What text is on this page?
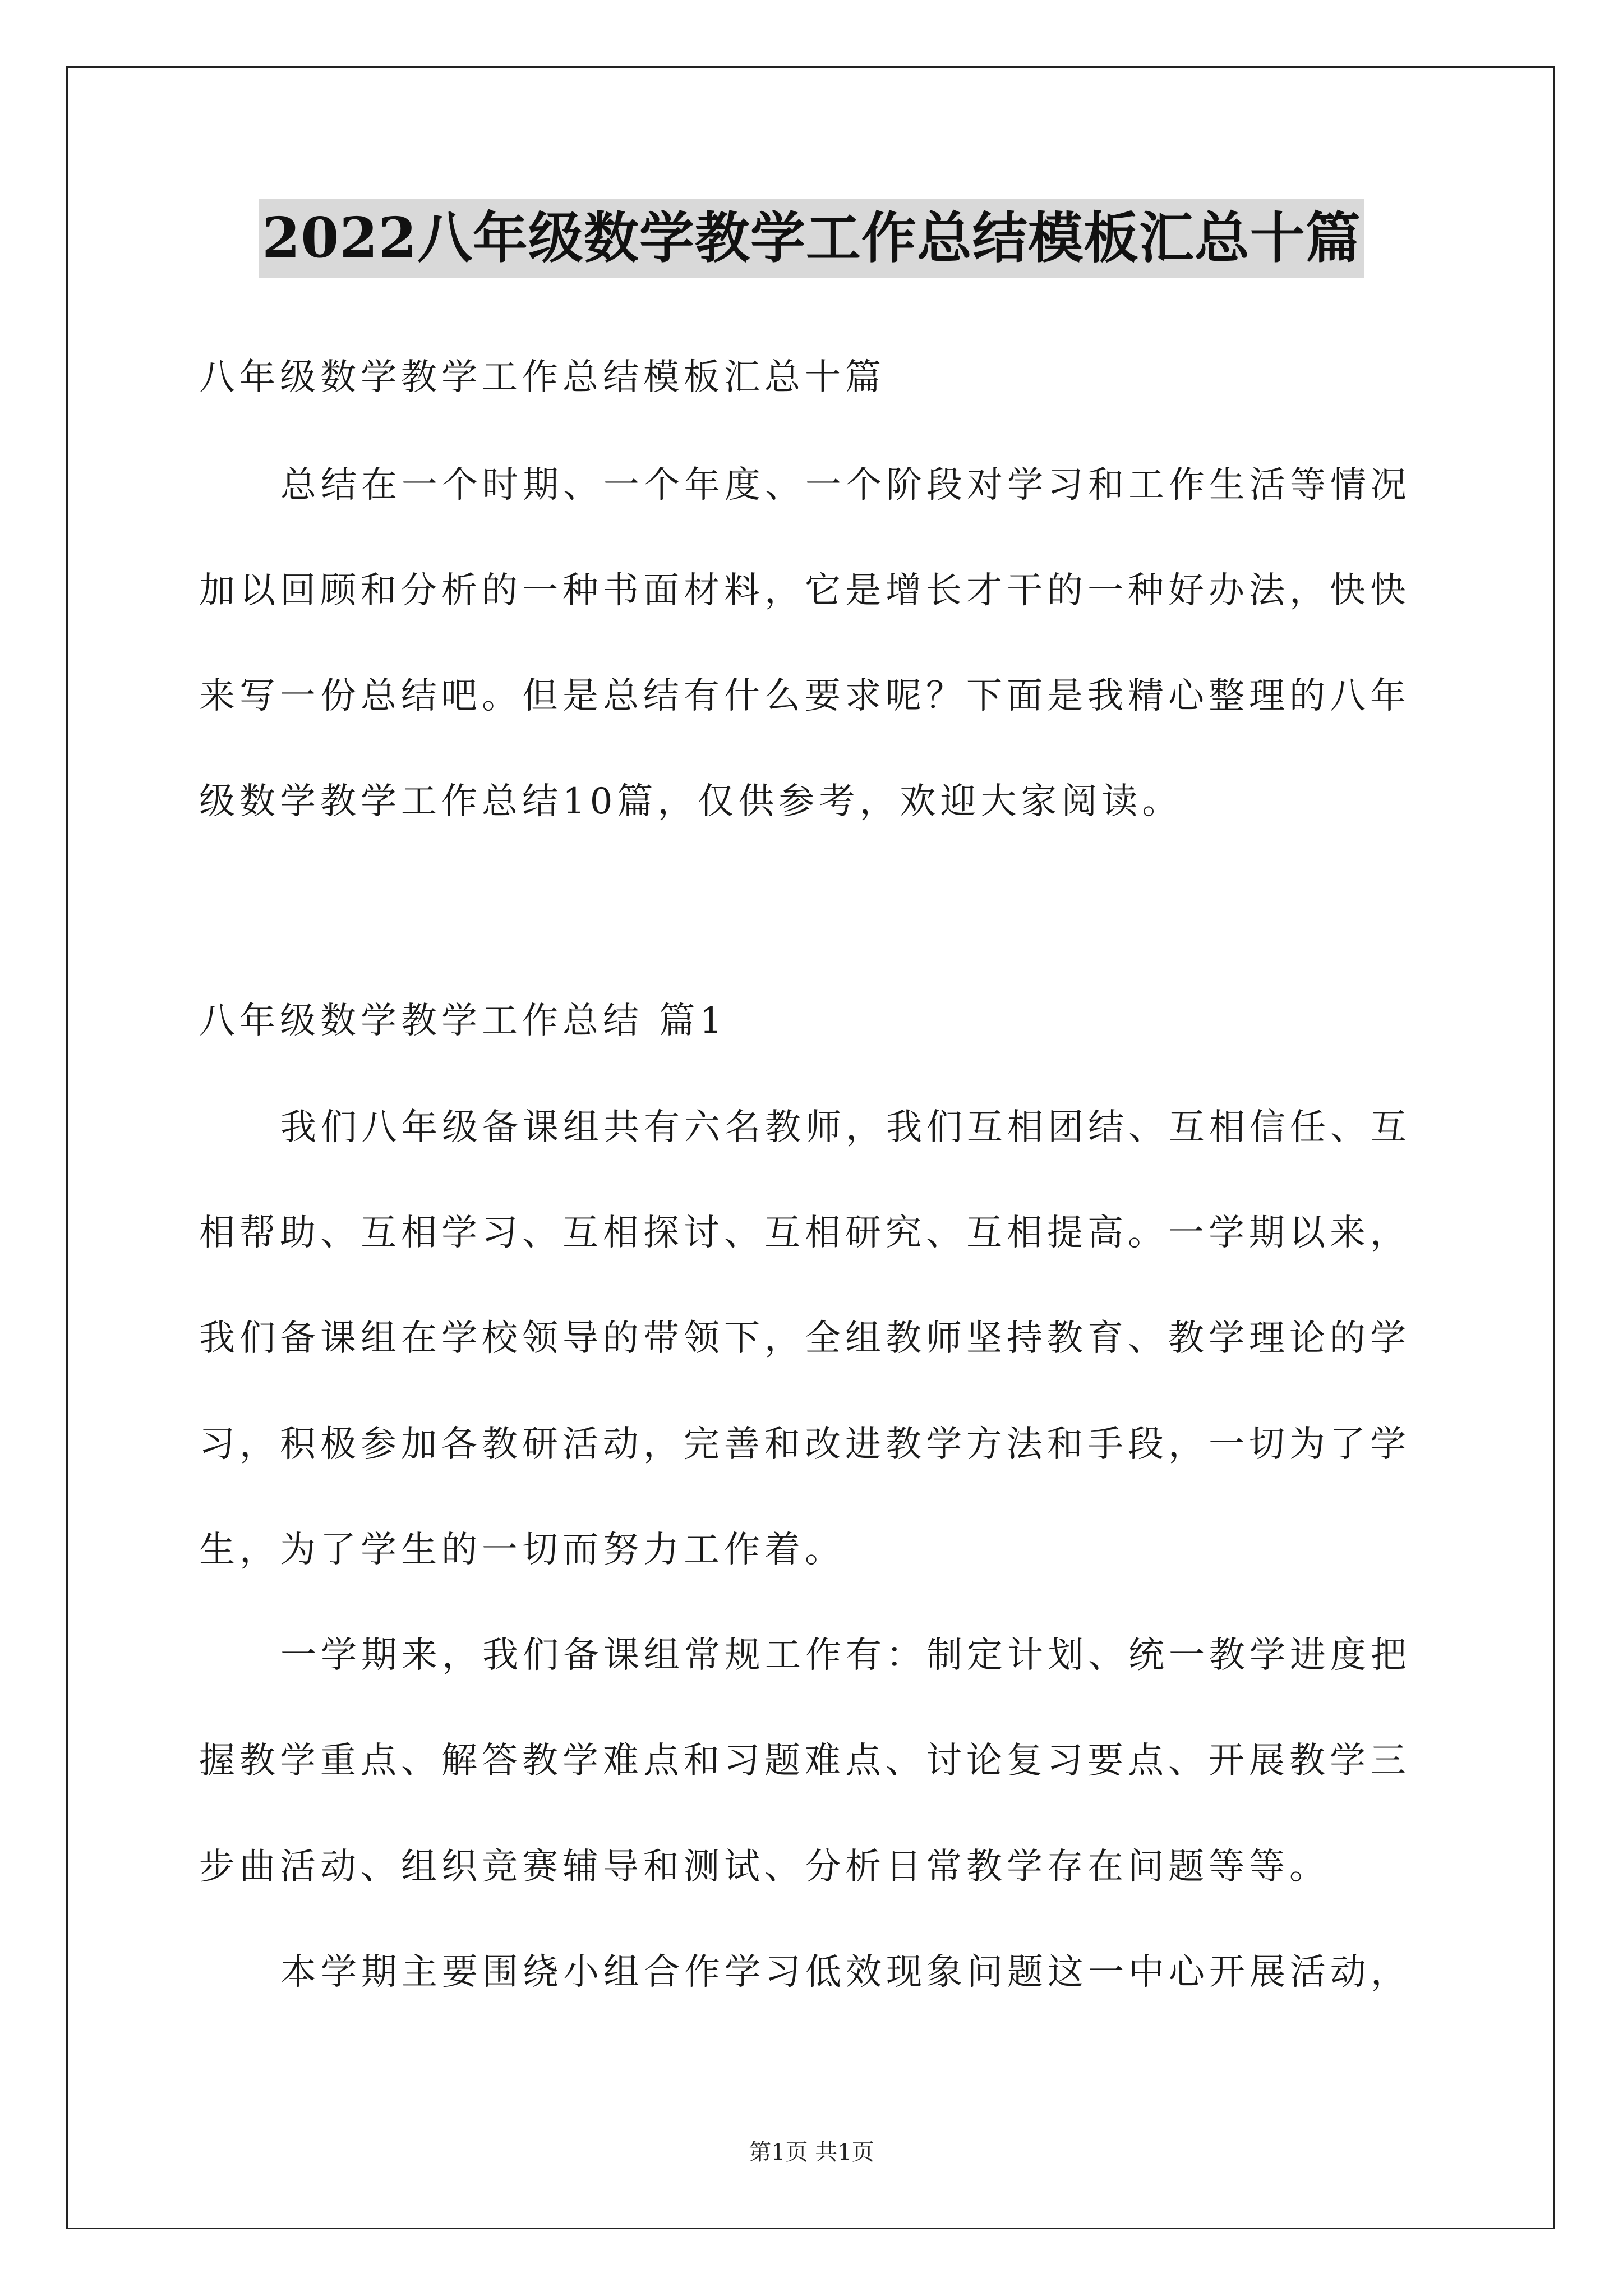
2022八年级数学教学工作总结模板汇总十篇
八年级数学教学工作总结模板汇总十篇
总结在一个时期、一个年度、一个阶段对学习和工作生活等情况
加以回顾和分析的一种书面材料，它是增长才干的一种好办法，快快
来写一份总结吧。但是总结有什么要求呢？下面是我精心整理的八年
级数学教学工作总结10篇，仅供参考，欢迎大家阅读。
八年级数学教学工作总结 篇1
我们八年级备课组共有六名教师，我们互相团结、互相信任、互
相帮助、互相学习、互相探讨、互相研究、互相提高。一学期以来，
我们备课组在学校领导的带领下，全组教师坚持教育、教学理论的学
习，积极参加各教研活动，完善和改进教学方法和手段，一切为了学
生，为了学生的一切而努力工作着。
一学期来，我们备课组常规工作有：制定计划、统一教学进度把
握教学重点、解答教学难点和习题难点、讨论复习要点、开展教学三
步曲活动、组织竞赛辅导和测试、分析日常教学存在问题等等。
本学期主要围绕小组合作学习低效现象问题这一中心开展活动，
第1页 共1页
